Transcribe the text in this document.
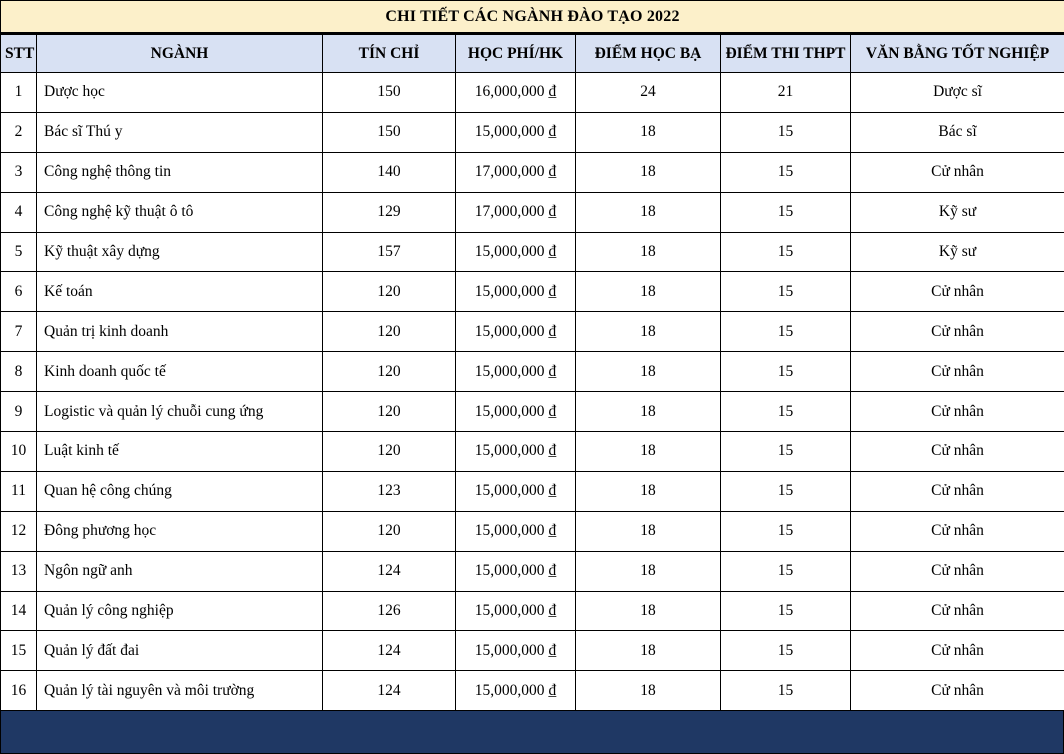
CHI TIẾT CÁC NGÀNH ĐÀO TẠO 2022						
STT	NGÀNH	TÍN CHỈ	HỌC PHÍ/HK	ĐIỂM HỌC BẠ	ĐIỂM THI THPT	VĂN BẰNG TỐT NGHIỆP
1	Dược học	150	16,000,000 ₫	24	21	Dược sĩ
2	Bác sĩ Thú y	150	15,000,000 ₫	18	15	Bác sĩ
3	Công nghệ thông tin	140	17,000,000 ₫	18	15	Cử nhân
4	Công nghệ kỹ thuật ô tô	129	17,000,000 ₫	18	15	Kỹ sư
5	Kỹ thuật xây dựng	157	15,000,000 ₫	18	15	Kỹ sư
6	Kế toán	120	15,000,000 ₫	18	15	Cử nhân
7	Quản trị kinh doanh	120	15,000,000 ₫	18	15	Cử nhân
8	Kinh doanh quốc tế	120	15,000,000 ₫	18	15	Cử nhân
9	Logistic và quản lý chuỗi cung ứng	120	15,000,000 ₫	18	15	Cử nhân
10	Luật kinh tế	120	15,000,000 ₫	18	15	Cử nhân
11	Quan hệ công chúng	123	15,000,000 ₫	18	15	Cử nhân
12	Đông phương học	120	15,000,000 ₫	18	15	Cử nhân
13	Ngôn ngữ anh	124	15,000,000 ₫	18	15	Cử nhân
14	Quản lý công nghiệp	126	15,000,000 ₫	18	15	Cử nhân
15	Quản lý đất đai	124	15,000,000 ₫	18	15	Cử nhân
16	Quản lý tài nguyên và môi trường	124	15,000,000 ₫	18	15	Cử nhân
